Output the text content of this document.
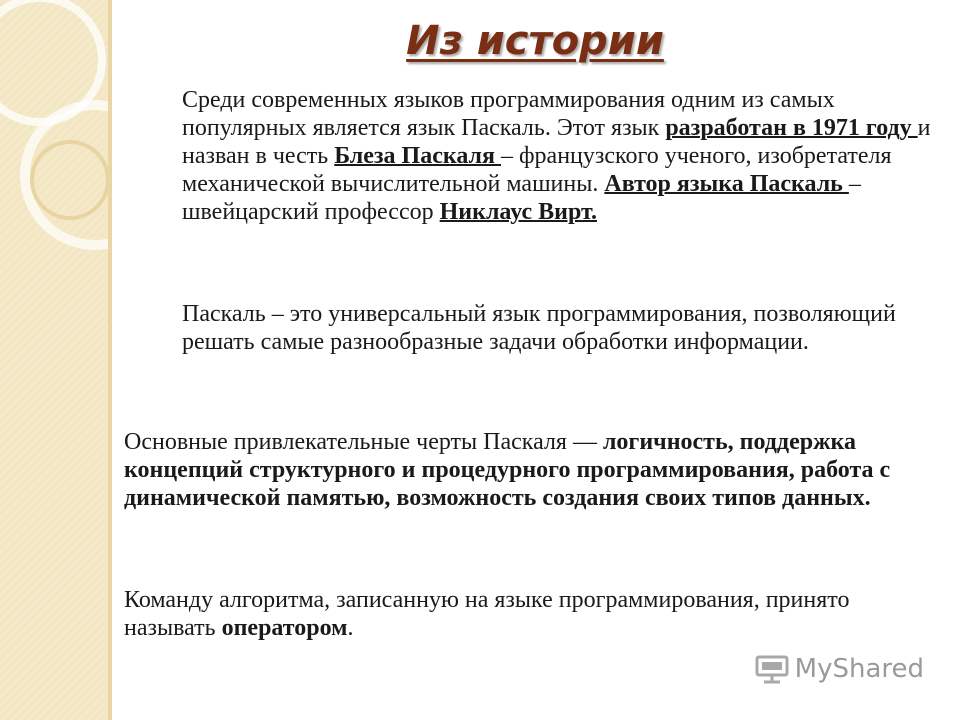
Из истории

Среди современных языков программирования одним из самых популярных является язык Паскаль. Этот язык разработан в 1971 году и назван в честь Блеза Паскаля – французского ученого, изобретателя механической вычислительной машины. Автор языка Паскаль – швейцарский профессор Никлаус Вирт.

Паскаль – это универсальный язык программирования, позволяющий решать самые разнообразные задачи обработки информации.

Основные привлекательные черты Паскаля — логичность, поддержка концепций структурного и процедурного программирования, работа с динамической памятью, возможность создания своих типов данных.

Команду алгоритма, записанную на языке программирования, принято называть оператором.

MyShared
